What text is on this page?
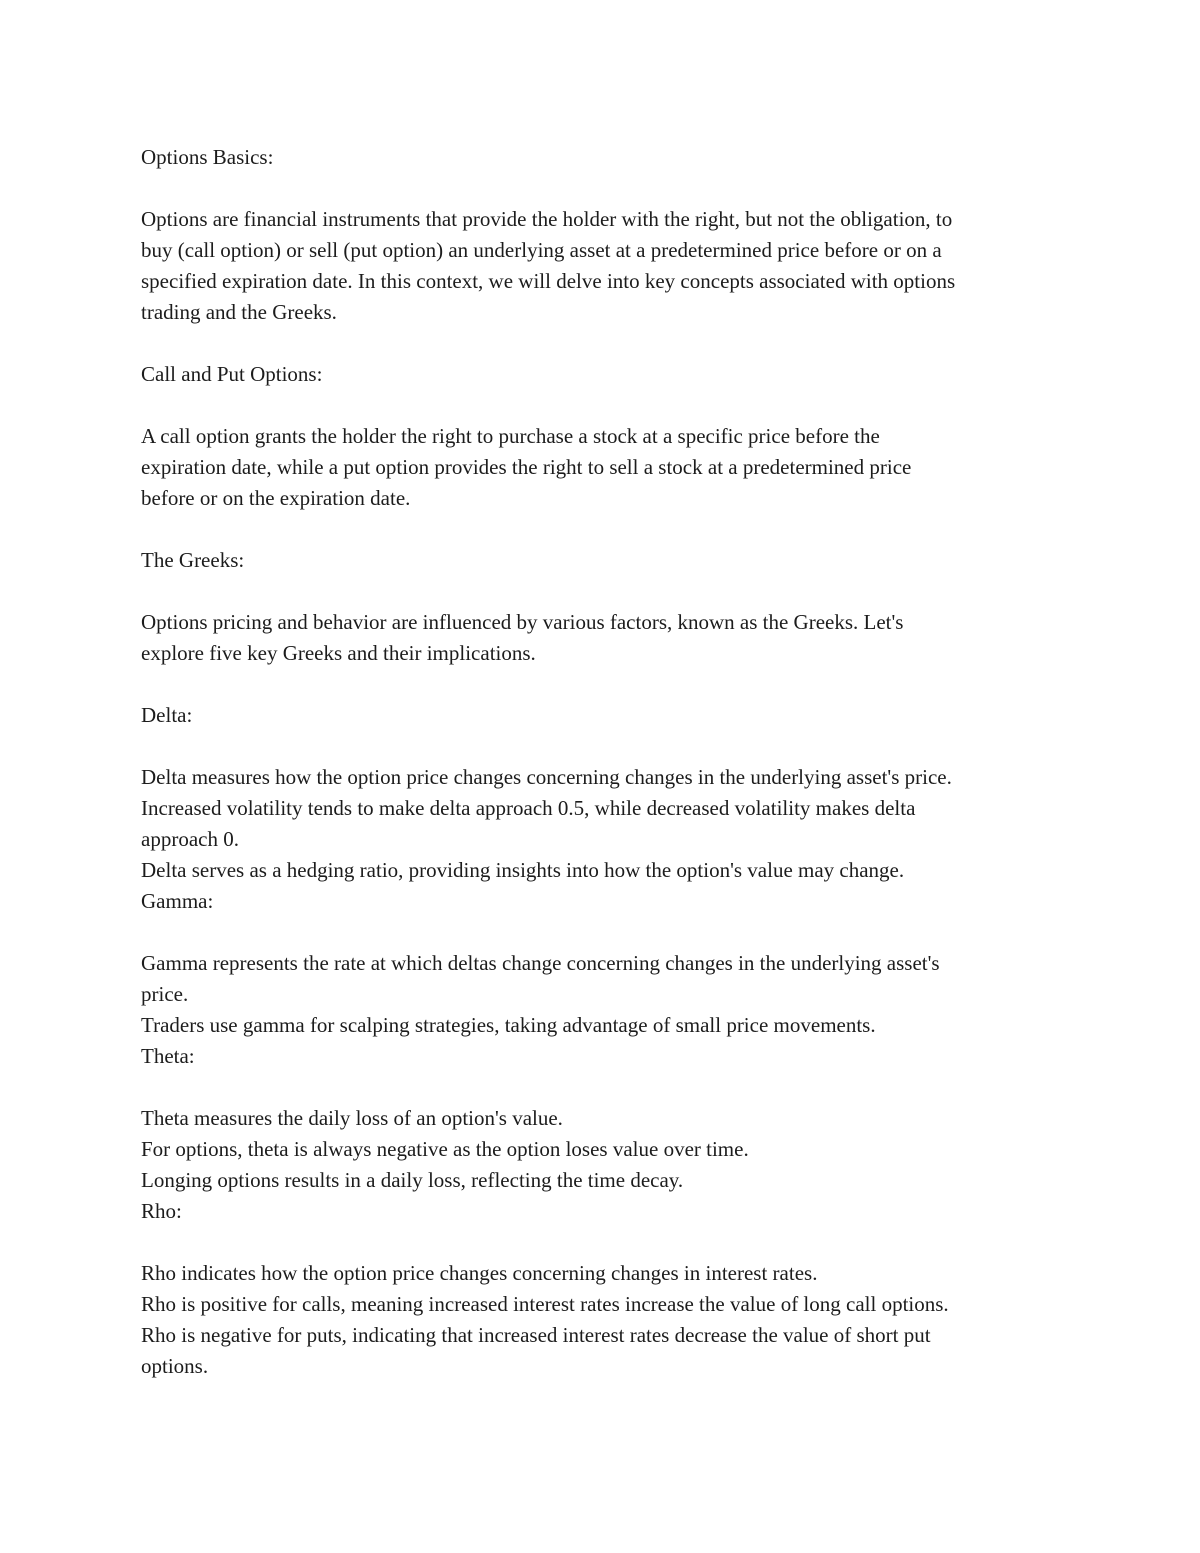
Options Basics:
Options are financial instruments that provide the holder with the right, but not the obligation, to
buy (call option) or sell (put option) an underlying asset at a predetermined price before or on a
specified expiration date. In this context, we will delve into key concepts associated with options
trading and the Greeks.
Call and Put Options:
A call option grants the holder the right to purchase a stock at a specific price before the
expiration date, while a put option provides the right to sell a stock at a predetermined price
before or on the expiration date.
The Greeks:
Options pricing and behavior are influenced by various factors, known as the Greeks. Let's
explore five key Greeks and their implications.
Delta:
Delta measures how the option price changes concerning changes in the underlying asset's price.
Increased volatility tends to make delta approach 0.5, while decreased volatility makes delta
approach 0.
Delta serves as a hedging ratio, providing insights into how the option's value may change.
Gamma:
Gamma represents the rate at which deltas change concerning changes in the underlying asset's
price.
Traders use gamma for scalping strategies, taking advantage of small price movements.
Theta:
Theta measures the daily loss of an option's value.
For options, theta is always negative as the option loses value over time.
Longing options results in a daily loss, reflecting the time decay.
Rho:
Rho indicates how the option price changes concerning changes in interest rates.
Rho is positive for calls, meaning increased interest rates increase the value of long call options.
Rho is negative for puts, indicating that increased interest rates decrease the value of short put
options.
